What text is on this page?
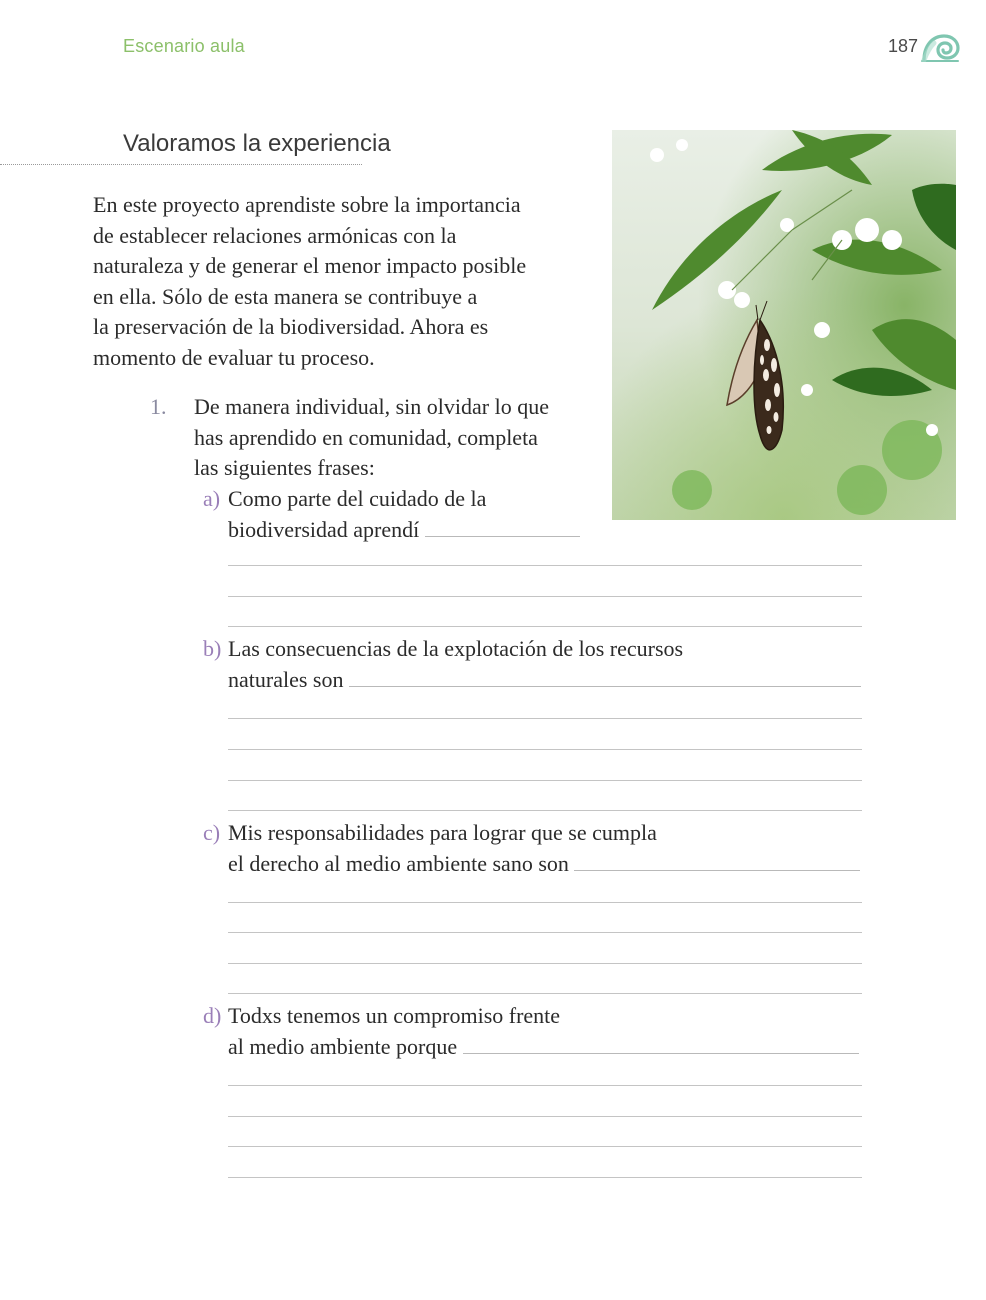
Escenario aula	187
Valoramos la experiencia
En este proyecto aprendiste sobre la importancia
de establecer relaciones armónicas con la
naturaleza y de generar el menor impacto posible
en ella. Sólo de esta manera se contribuye a
la preservación de la biodiversidad. Ahora es
momento de evaluar tu proceso.
1. De manera individual, sin olvidar lo que
has aprendido en comunidad, completa
las siguientes frases:
a) Como parte del cuidado de la
biodiversidad aprendí
b) Las consecuencias de la explotación de los recursos
naturales son
c) Mis responsabilidades para lograr que se cumpla
el derecho al medio ambiente sano son
d) Todxs tenemos un compromiso frente
al medio ambiente porque
